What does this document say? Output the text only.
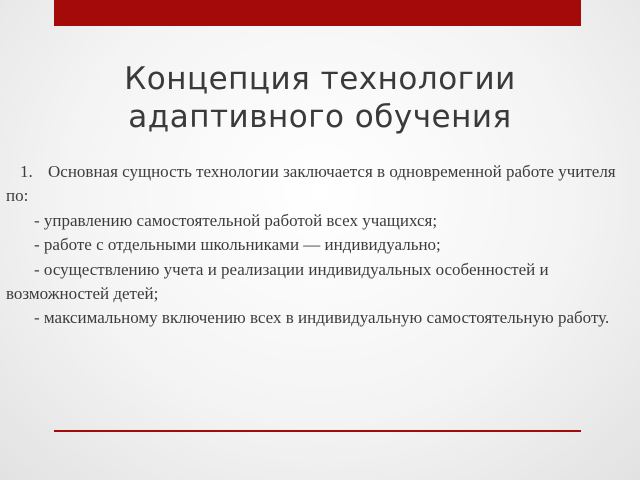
Концепция технологии
адаптивного обучения

1. Основная сущность технологии заключается в одновременной работе учителя по:

- управлению самостоятельной работой всех учащихся;

- работе с отдельными школьниками — индивидуально;

- осуществлению учета и реализации индивидуальных особенностей и возможностей детей;

- максимальному включению всех в индивидуальную самостоятельную работу.
